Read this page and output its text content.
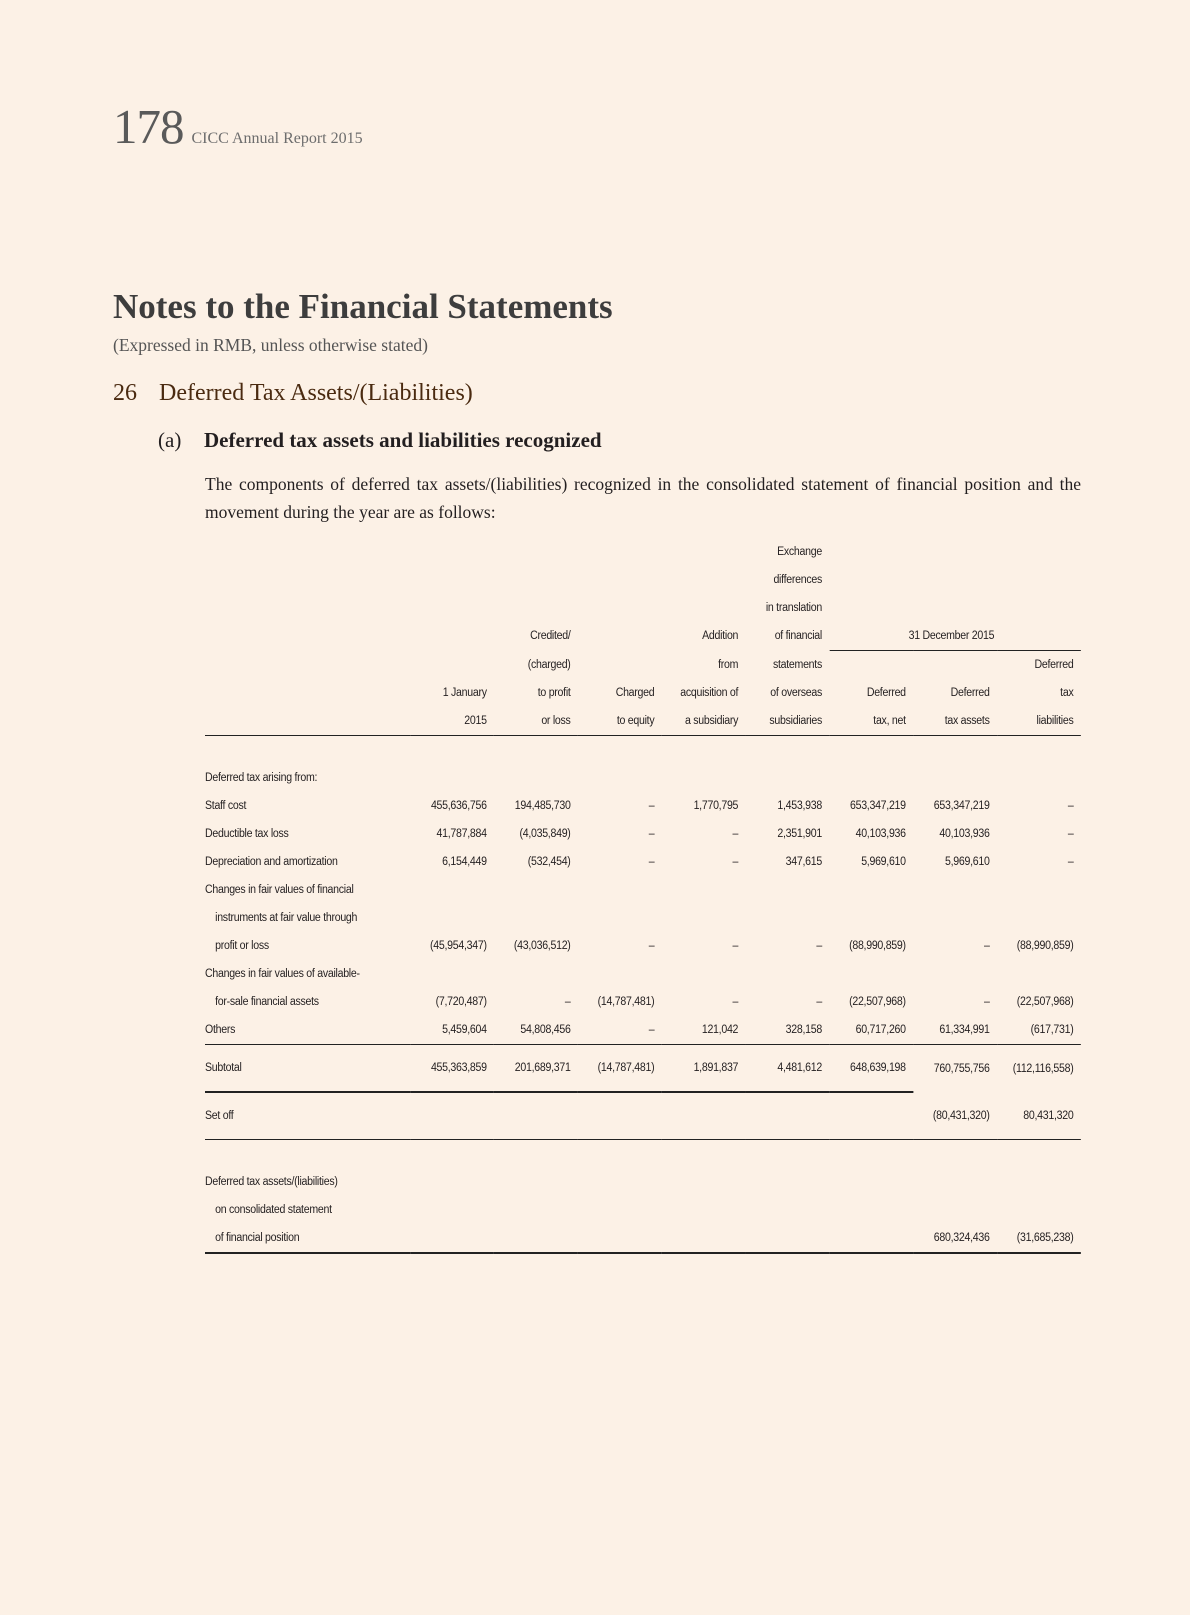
178 CICC Annual Report 2015
Notes to the Financial Statements
(Expressed in RMB, unless otherwise stated)
26 Deferred Tax Assets/(Liabilities)
(a) Deferred tax assets and liabilities recognized
The components of deferred tax assets/(liabilities) recognized in the consolidated statement of financial position and the movement during the year are as follows:
					Exchange			
					differences			
					in translation			
		Credited/		Addition	of financial	31 December 2015		
		(charged)		from	statements			Deferred
	1 January	to profit	Charged	acquisition of	of overseas	Deferred	Deferred	tax
	2015	or loss	to equity	a subsidiary	subsidiaries	tax, net	tax assets	liabilities

Deferred tax arising from:								
Staff cost	455,636,756	194,485,730	–	1,770,795	1,453,938	653,347,219	653,347,219	–
Deductible tax loss	41,787,884	(4,035,849)	–	–	2,351,901	40,103,936	40,103,936	–
Depreciation and amortization	6,154,449	(532,454)	–	–	347,615	5,969,610	5,969,610	–
Changes in fair values of financial								
instruments at fair value through								
profit or loss	(45,954,347)	(43,036,512)	–	–	–	(88,990,859)	–	(88,990,859)
Changes in fair values of available-								
for-sale financial assets	(7,720,487)	–	(14,787,481)	–	–	(22,507,968)	–	(22,507,968)
Others	5,459,604	54,808,456	–	121,042	328,158	60,717,260	61,334,991	(617,731)
Subtotal	455,363,859	201,689,371	(14,787,481)	1,891,837	4,481,612	648,639,198	760,755,756	(112,116,558)
Set off							(80,431,320)	80,431,320

Deferred tax assets/(liabilities)								
on consolidated statement								
of financial position							680,324,436	(31,685,238)
